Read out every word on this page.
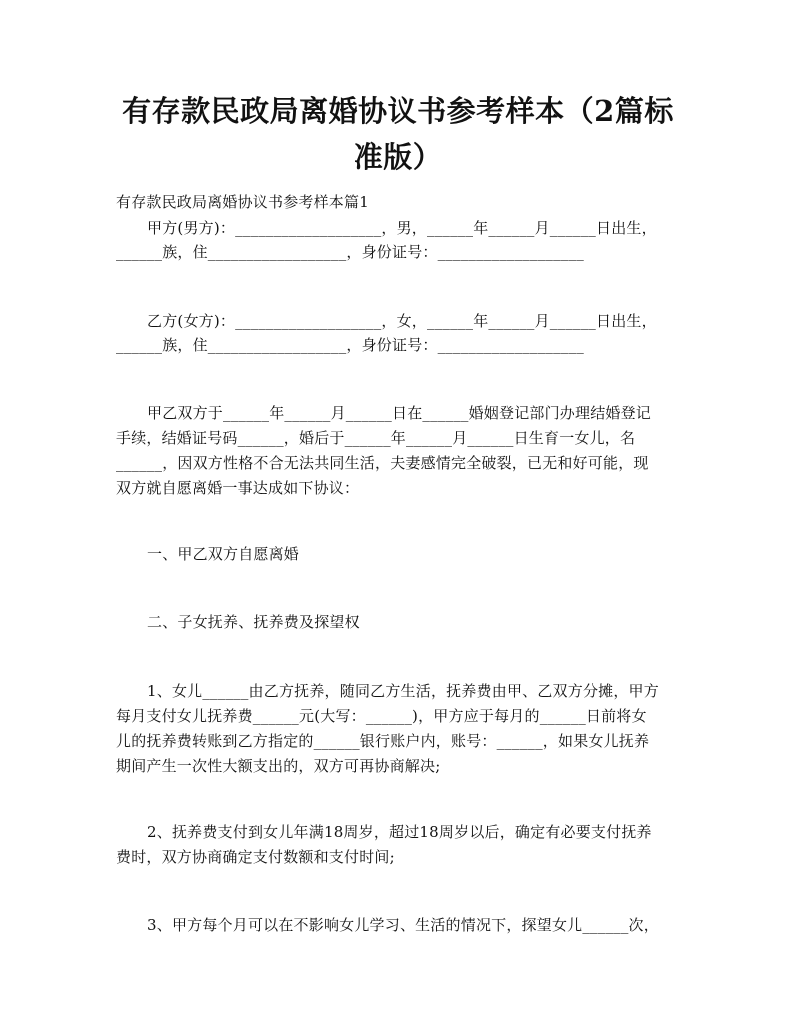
有存款民政局离婚协议书参考样本（2篇标
准版）
有存款民政局离婚协议书参考样本篇1
甲方(男方)：___________________，男，______年______月______日出生，
______族，住__________________，身份证号：___________________
乙方(女方)：___________________，女，______年______月______日出生，
______族，住__________________，身份证号：___________________
甲乙双方于______年______月______日在______婚姻登记部门办理结婚登记
手续，结婚证号码______，婚后于______年______月______日生育一女儿，名
______，因双方性格不合无法共同生活，夫妻感情完全破裂，已无和好可能，现
双方就自愿离婚一事达成如下协议：
一、甲乙双方自愿离婚
二、子女抚养、抚养费及探望权
1、女儿______由乙方抚养，随同乙方生活，抚养费由甲、乙双方分摊，甲方
每月支付女儿抚养费______元(大写：______)，甲方应于每月的______日前将女
儿的抚养费转账到乙方指定的______银行账户内，账号：______，如果女儿抚养
期间产生一次性大额支出的，双方可再协商解决;
2、抚养费支付到女儿年满18周岁，超过18周岁以后，确定有必要支付抚养
费时，双方协商确定支付数额和支付时间;
3、甲方每个月可以在不影响女儿学习、生活的情况下，探望女儿______次，
